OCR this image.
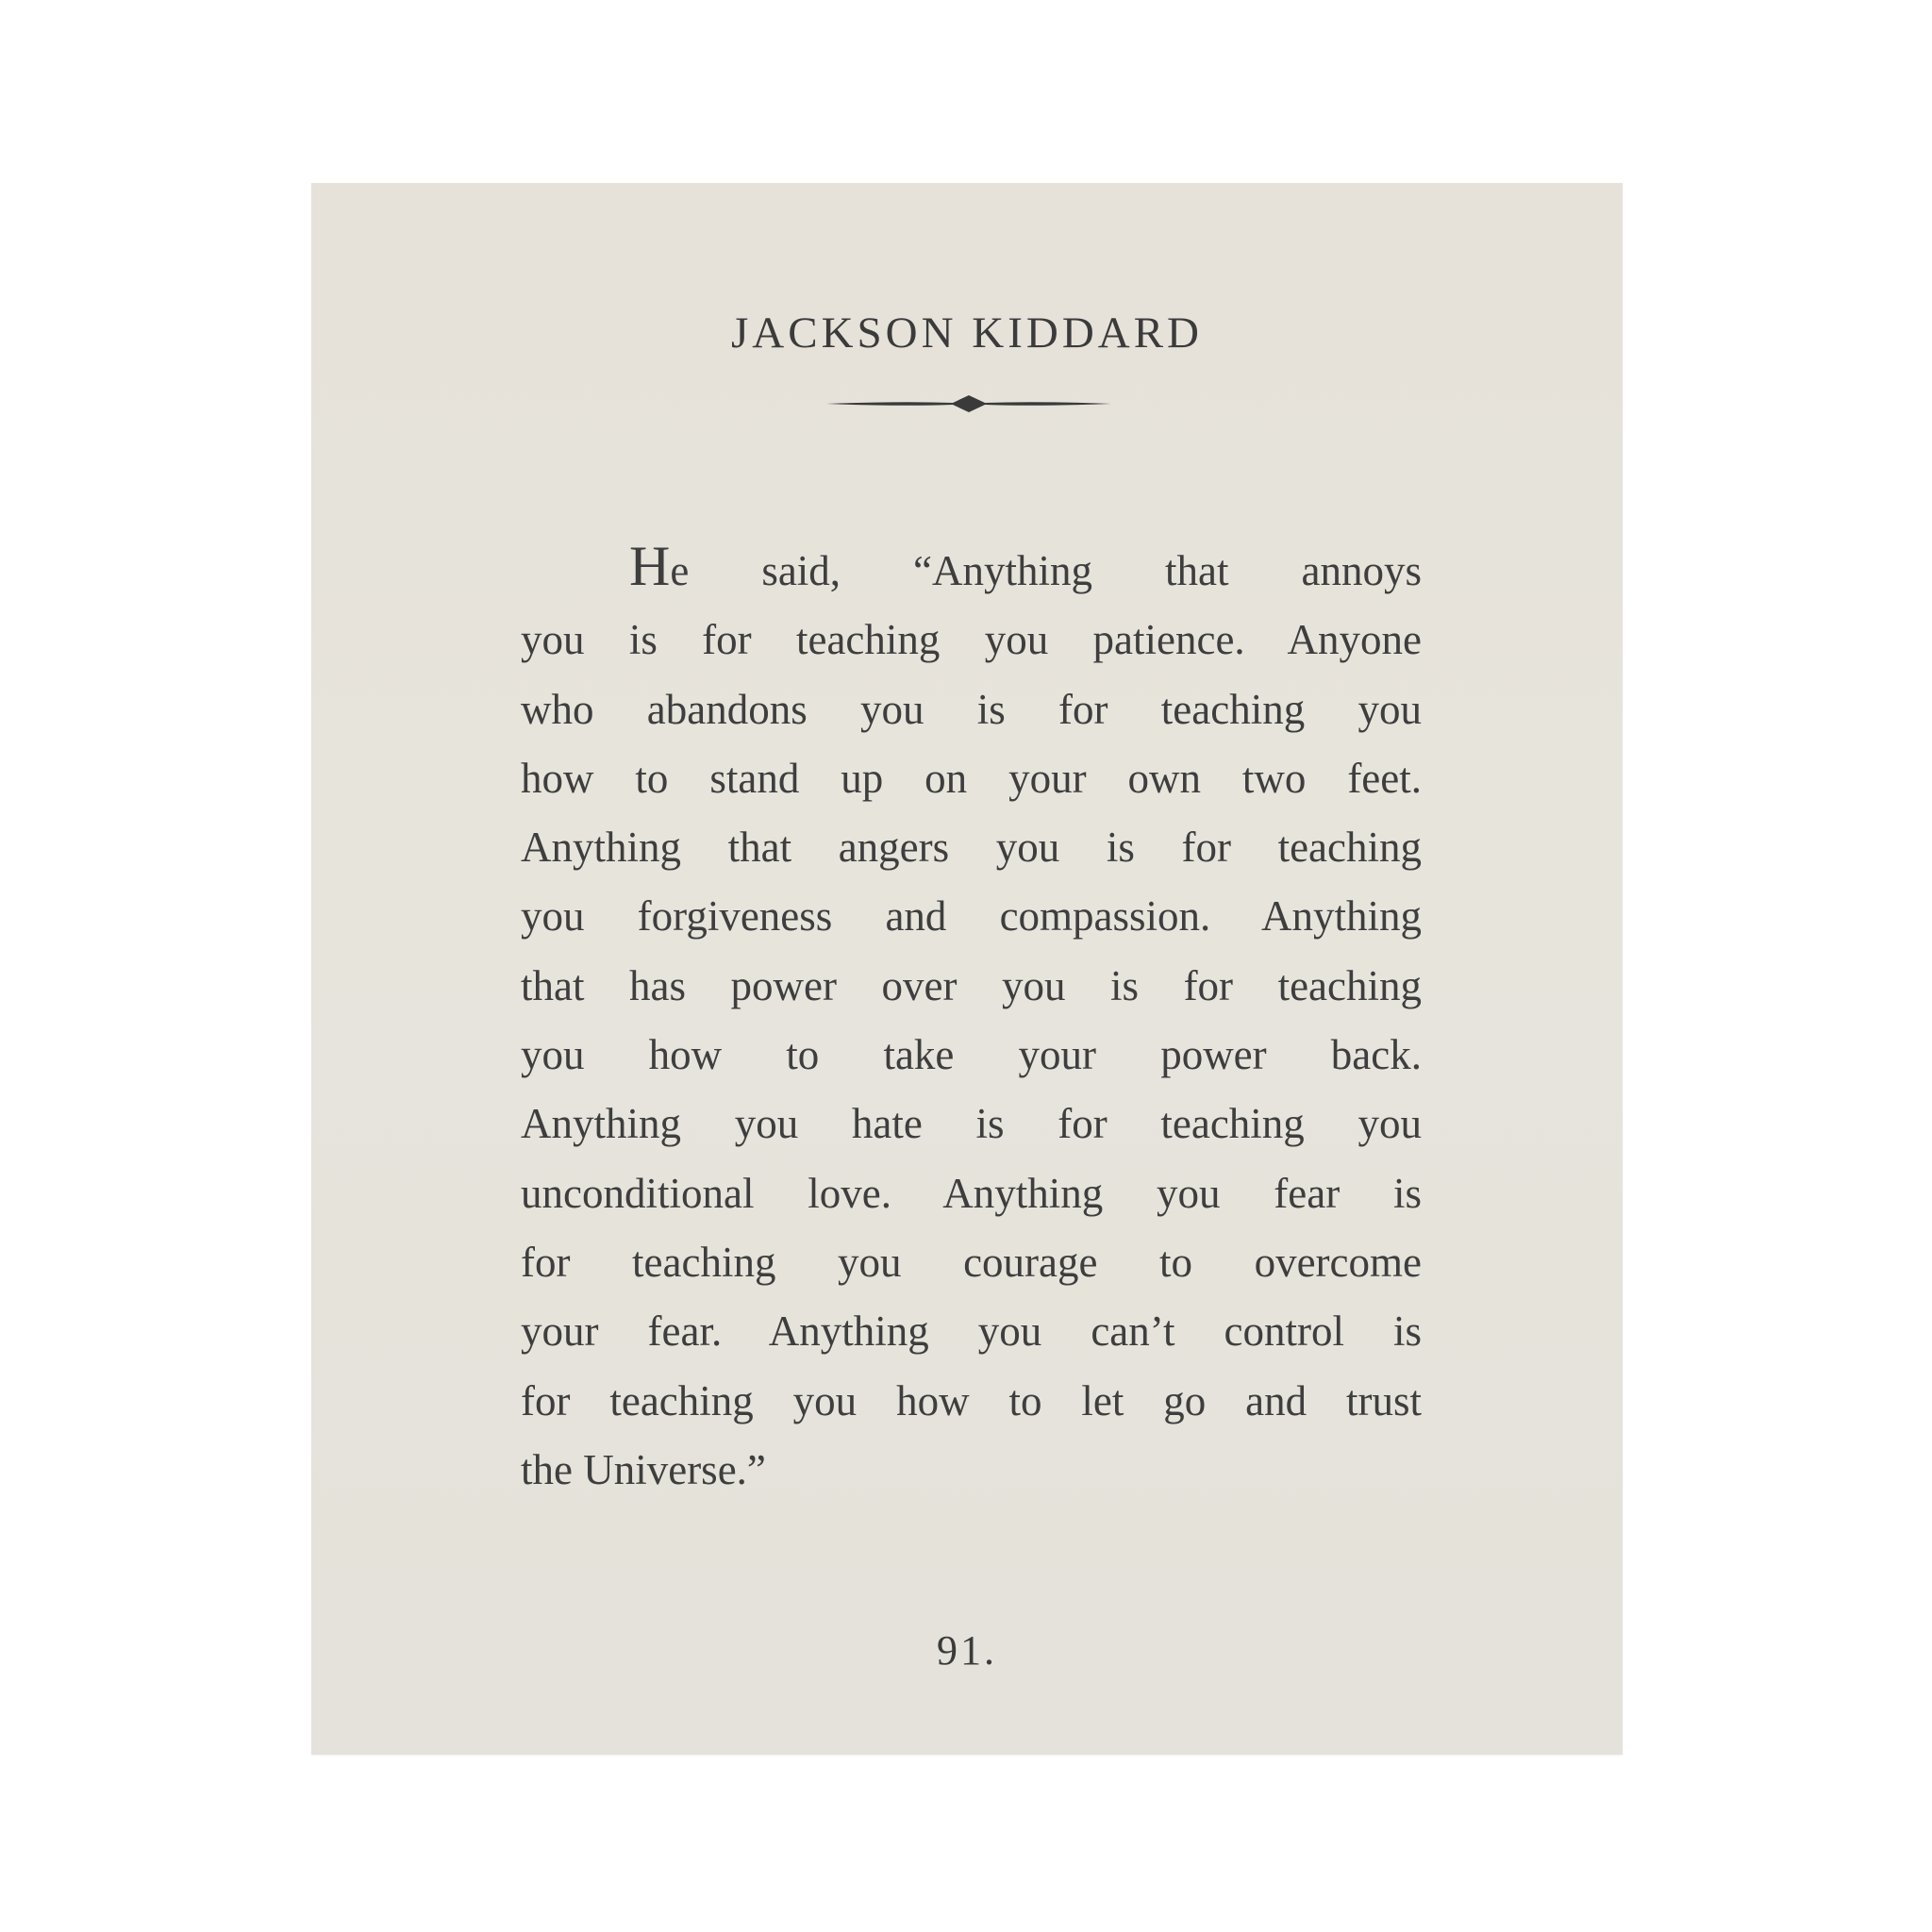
JACKSON KIDDARD
He said, “Anything that annoys
you is for teaching you patience. Anyone
who abandons you is for teaching you
how to stand up on your own two feet.
Anything that angers you is for teaching
you forgiveness and compassion. Anything
that has power over you is for teaching
you how to take your power back.
Anything you hate is for teaching you
unconditional love. Anything you fear is
for teaching you courage to overcome
your fear. Anything you can’t control is
for teaching you how to let go and trust
the Universe.”
91.
